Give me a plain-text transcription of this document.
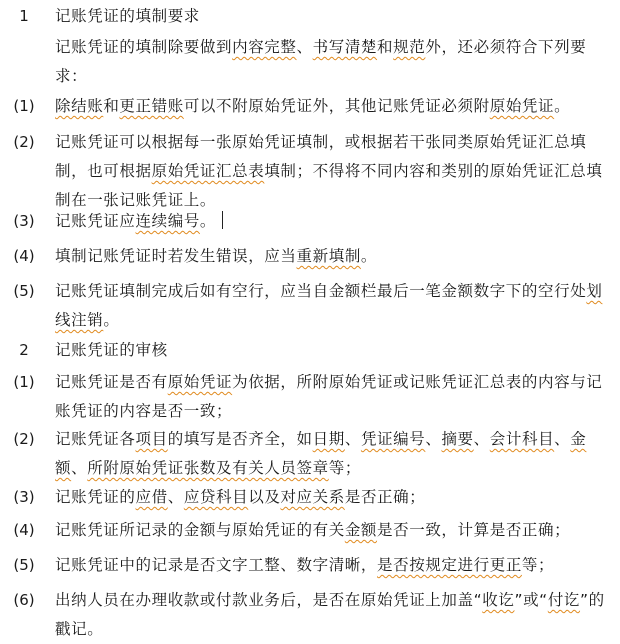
1	记账凭证的填制要求
记账凭证的填制除要做到内容完整、书写清楚和规范外，还必须符合下列要求：
(1)	除结账和更正错账可以不附原始凭证外，其他记账凭证必须附原始凭证。
(2)	记账凭证可以根据每一张原始凭证填制，或根据若干张同类原始凭证汇总填制，也可根据原始凭证汇总表填制；不得将不同内容和类别的原始凭证汇总填制在一张记账凭证上。
(3)	记账凭证应连续编号。
(4)	填制记账凭证时若发生错误，应当重新填制。
(5)	记账凭证填制完成后如有空行，应当自金额栏最后一笔金额数字下的空行处划线注销。
2	记账凭证的审核
(1)	记账凭证是否有原始凭证为依据，所附原始凭证或记账凭证汇总表的内容与记账凭证的内容是否一致；
(2)	记账凭证各项目的填写是否齐全，如日期、凭证编号、摘要、会计科目、金额、所附原始凭证张数及有关人员签章等；
(3)	记账凭证的应借、应贷科目以及对应关系是否正确；
(4)	记账凭证所记录的金额与原始凭证的有关金额是否一致，计算是否正确；
(5)	记账凭证中的记录是否文字工整、数字清晰，是否按规定进行更正等；
(6)	出纳人员在办理收款或付款业务后，是否在原始凭证上加盖“收讫”或“付讫”的戳记。
